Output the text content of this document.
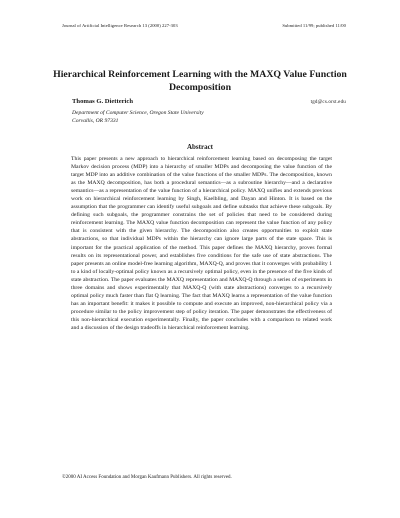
Journal of Artificial Intelligence Research 13 (2000) 227-303	Submitted 11/99; published 11/00
Hierarchical Reinforcement Learning with the MAXQ Value Function Decomposition
Thomas G. Dietterich	tgd@cs.orst.edu
Department of Computer Science, Oregon State University
Corvallis, OR 97331
Abstract
This paper presents a new approach to hierarchical reinforcement learning based on decomposing the target Markov decision process (MDP) into a hierarchy of smaller MDPs and decomposing the value function of the target MDP into an additive combination of the value functions of the smaller MDPs. The decomposition, known as the MAXQ decomposition, has both a procedural semantics—as a subroutine hierarchy—and a declarative semantics—as a representation of the value function of a hierarchical policy. MAXQ unifies and extends previous work on hierarchical reinforcement learning by Singh, Kaelbling, and Dayan and Hinton. It is based on the assumption that the programmer can identify useful subgoals and define subtasks that achieve these subgoals. By defining such subgoals, the programmer constrains the set of policies that need to be considered during reinforcement learning. The MAXQ value function decomposition can represent the value function of any policy that is consistent with the given hierarchy. The decomposition also creates opportunities to exploit state abstractions, so that individual MDPs within the hierarchy can ignore large parts of the state space. This is important for the practical application of the method. This paper defines the MAXQ hierarchy, proves formal results on its representational power, and establishes five conditions for the safe use of state abstractions. The paper presents an online model-free learning algorithm, MAXQ-Q, and proves that it converges with probability 1 to a kind of locally-optimal policy known as a recursively optimal policy, even in the presence of the five kinds of state abstraction. The paper evaluates the MAXQ representation and MAXQ-Q through a series of experiments in three domains and shows experimentally that MAXQ-Q (with state abstractions) converges to a recursively optimal policy much faster than flat Q learning. The fact that MAXQ learns a representation of the value function has an important benefit: it makes it possible to compute and execute an improved, non-hierarchical policy via a procedure similar to the policy improvement step of policy iteration. The paper demonstrates the effectiveness of this non-hierarchical execution experimentally. Finally, the paper concludes with a comparison to related work and a discussion of the design tradeoffs in hierarchical reinforcement learning.
©2000 AI Access Foundation and Morgan Kaufmann Publishers. All rights reserved.
